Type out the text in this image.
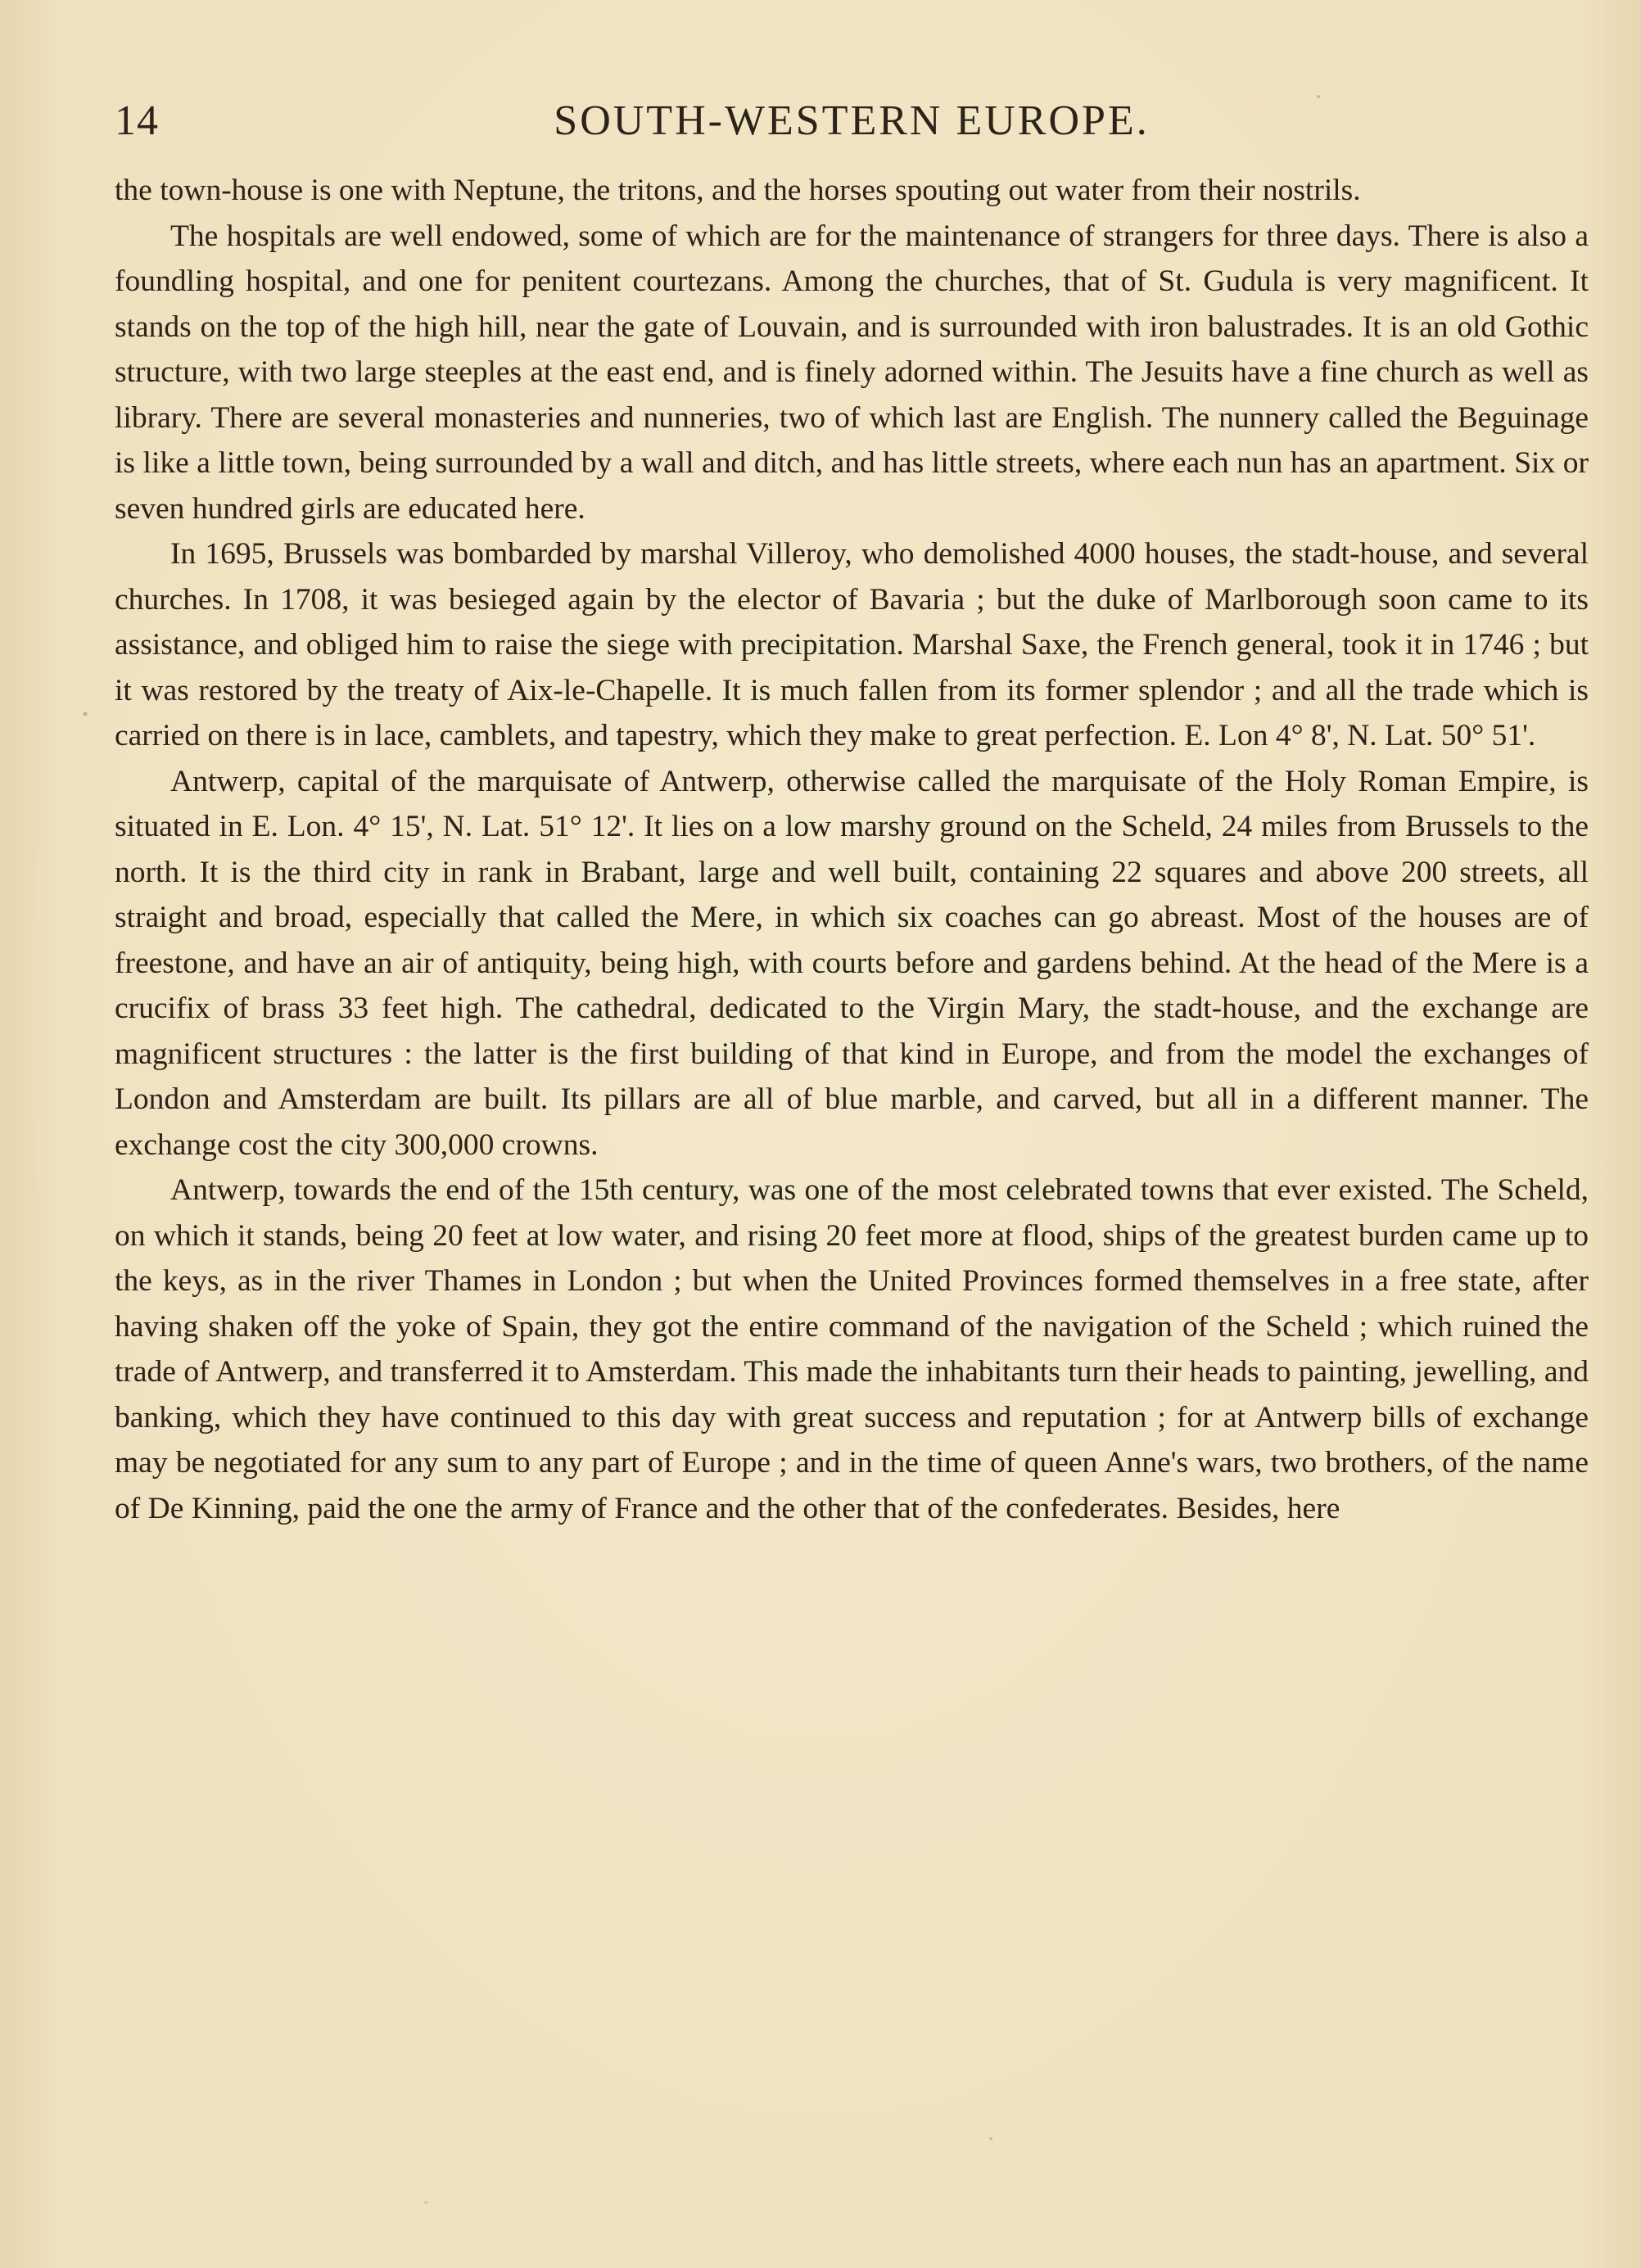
14	SOUTH-WESTERN EUROPE.

the town-house is one with Neptune, the tritons, and the horses spouting out water from their nostrils.

The hospitals are well endowed, some of which are for the maintenance of strangers for three days. There is also a foundling hospital, and one for penitent courtezans. Among the churches, that of St. Gudula is very magnificent. It stands on the top of the high hill, near the gate of Louvain, and is surrounded with iron balustrades. It is an old Gothic structure, with two large steeples at the east end, and is finely adorned within. The Jesuits have a fine church as well as library. There are several monasteries and nunneries, two of which last are English. The nunnery called the Beguinage is like a little town, being surrounded by a wall and ditch, and has little streets, where each nun has an apartment. Six or seven hundred girls are educated here.

In 1695, Brussels was bombarded by marshal Villeroy, who demolished 4000 houses, the stadt-house, and several churches. In 1708, it was besieged again by the elector of Bavaria ; but the duke of Marlborough soon came to its assistance, and obliged him to raise the siege with precipitation. Marshal Saxe, the French general, took it in 1746 ; but it was restored by the treaty of Aix-le-Chapelle. It is much fallen from its former splendor ; and all the trade which is carried on there is in lace, camblets, and tapestry, which they make to great perfection. E. Lon 4° 8', N. Lat. 50° 51'.

Antwerp, capital of the marquisate of Antwerp, otherwise called the marquisate of the Holy Roman Empire, is situated in E. Lon. 4° 15', N. Lat. 51° 12'. It lies on a low marshy ground on the Scheld, 24 miles from Brussels to the north. It is the third city in rank in Brabant, large and well built, containing 22 squares and above 200 streets, all straight and broad, especially that called the Mere, in which six coaches can go abreast. Most of the houses are of freestone, and have an air of antiquity, being high, with courts before and gardens behind. At the head of the Mere is a crucifix of brass 33 feet high. The cathedral, dedicated to the Virgin Mary, the stadt-house, and the exchange are magnificent structures : the latter is the first building of that kind in Europe, and from the model the exchanges of London and Amsterdam are built. Its pillars are all of blue marble, and carved, but all in a different manner. The exchange cost the city 300,000 crowns.

Antwerp, towards the end of the 15th century, was one of the most celebrated towns that ever existed. The Scheld, on which it stands, being 20 feet at low water, and rising 20 feet more at flood, ships of the greatest burden came up to the keys, as in the river Thames in London ; but when the United Provinces formed themselves in a free state, after having shaken off the yoke of Spain, they got the entire command of the navigation of the Scheld ; which ruined the trade of Antwerp, and transferred it to Amsterdam. This made the inhabitants turn their heads to painting, jewelling, and banking, which they have continued to this day with great success and reputation ; for at Antwerp bills of exchange may be negotiated for any sum to any part of Europe ; and in the time of queen Anne's wars, two brothers, of the name of De Kinning, paid the one the army of France and the other that of the confederates. Besides, here
